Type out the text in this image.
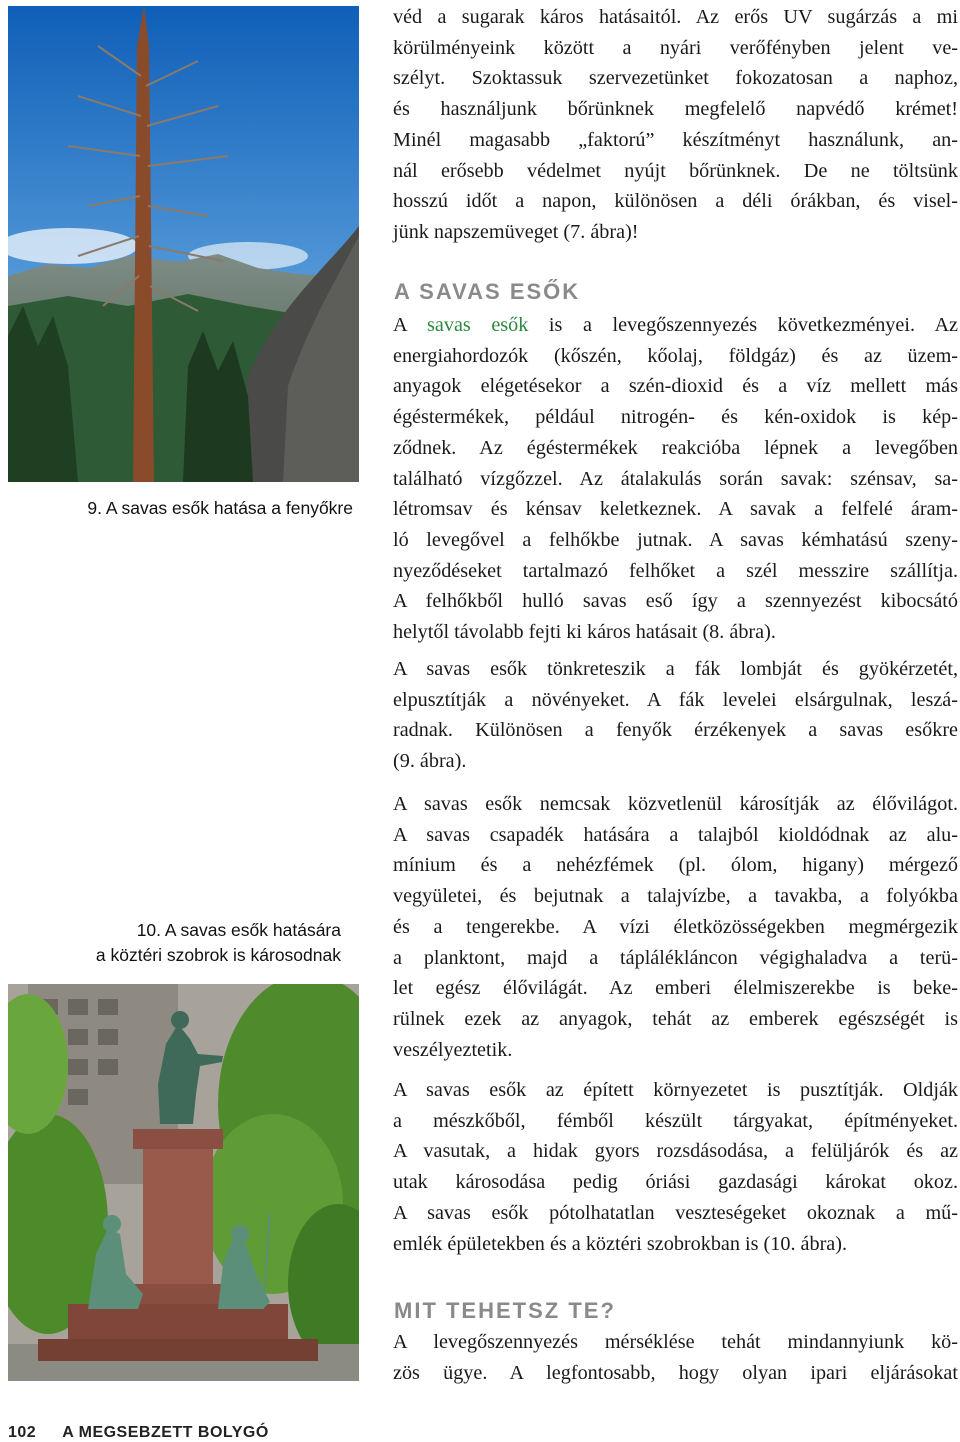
9. A savas esők hatása a fenyőkre
10. A savas esők hatására
a köztéri szobrok is károsodnak

véd a sugarak káros hatásaitól. Az erős UV sugárzás a mi
körülményeink között a nyári verőfényben jelent ve-
szélyt. Szoktassuk szervezetünket fokozatosan a naphoz,
és használjunk bőrünknek megfelelő napvédő krémet!
Minél magasabb „faktorú” készítményt használunk, an-
nál erősebb védelmet nyújt bőrünknek. De ne töltsünk
hosszú időt a napon, különösen a déli órákban, és visel-
jünk napszemüveget (7. ábra)!

A SAVAS ESŐK

A savas esők is a levegőszennyezés következményei. Az
energiahordozók (kőszén, kőolaj, földgáz) és az üzem-
anyagok elégetésekor a szén-dioxid és a víz mellett más
égéstermékek, például nitrogén- és kén-oxidok is kép-
ződnek. Az égéstermékek reakcióba lépnek a levegőben
található vízgőzzel. Az átalakulás során savak: szénsav, sa-
létromsav és kénsav keletkeznek. A savak a felfelé áram-
ló levegővel a felhőkbe jutnak. A savas kémhatású szeny-
nyeződéseket tartalmazó felhőket a szél messzire szállítja.
A felhőkből hulló savas eső így a szennyezést kibocsátó
helytől távolabb fejti ki káros hatásait (8. ábra).

A savas esők tönkreteszik a fák lombját és gyökérzetét,
elpusztítják a növényeket. A fák levelei elsárgulnak, leszá-
radnak. Különösen a fenyők érzékenyek a savas esőkre
(9. ábra).

A savas esők nemcsak közvetlenül károsítják az élővilágot.
A savas csapadék hatására a talajból kioldódnak az alu-
mínium és a nehézfémek (pl. ólom, higany) mérgező
vegyületei, és bejutnak a talajvízbe, a tavakba, a folyókba
és a tengerekbe. A vízi életközösségekben megmérgezik
a planktont, majd a táplálékláncon végighaladva a terü-
let egész élővilágát. Az emberi élelmiszerekbe is beke-
rülnek ezek az anyagok, tehát az emberek egészségét is
veszélyeztetik.

A savas esők az épített környezetet is pusztítják. Oldják
a mészkőből, fémből készült tárgyakat, építményeket.
A vasutak, a hidak gyors rozsdásodása, a felüljárók és az
utak károsodása pedig óriási gazdasági károkat okoz.
A savas esők pótolhatatlan veszteségeket okoznak a mű-
emlék épületekben és a köztéri szobrokban is (10. ábra).

MIT TEHETSZ TE?

A levegőszennyezés mérséklése tehát mindannyiunk kö-
zös ügye. A legfontosabb, hogy olyan ipari eljárásokat

102 A MEGSEBZETT BOLYGÓ
